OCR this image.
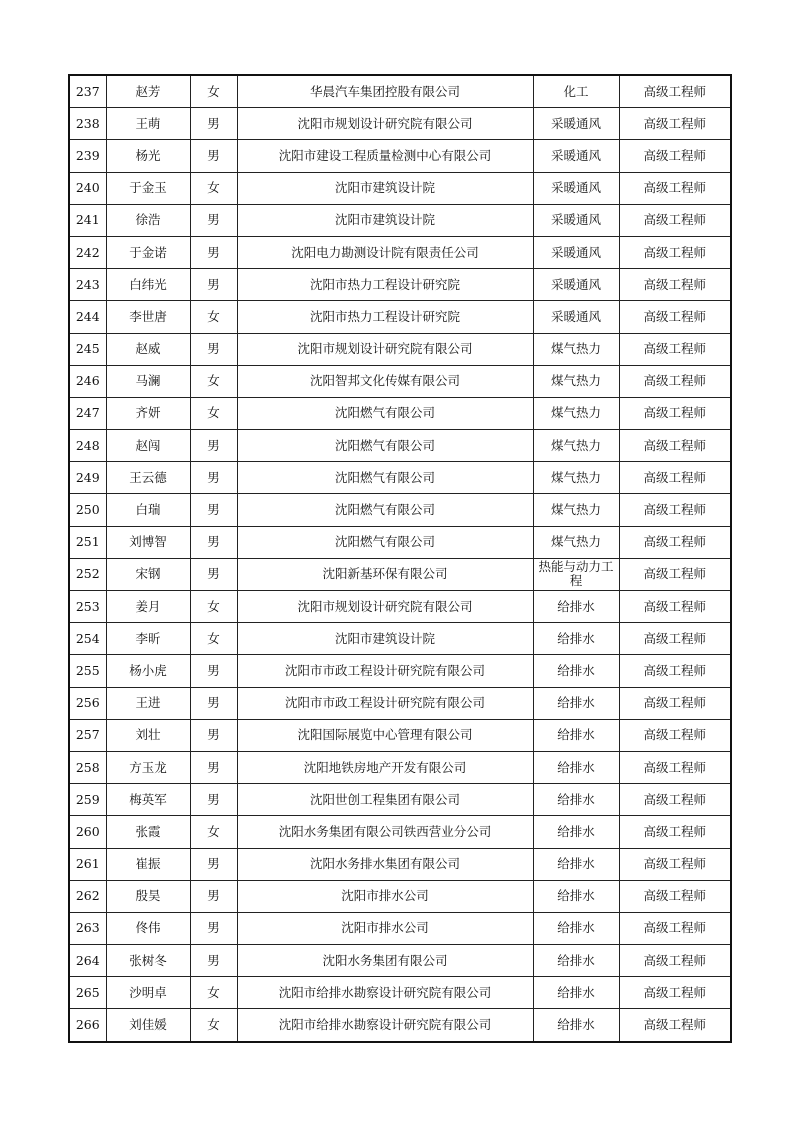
237	赵芳	女	华晨汽车集团控股有限公司	化工	高级工程师
238	王萌	男	沈阳市规划设计研究院有限公司	采暖通风	高级工程师
239	杨光	男	沈阳市建设工程质量检测中心有限公司	采暖通风	高级工程师
240	于金玉	女	沈阳市建筑设计院	采暖通风	高级工程师
241	徐浩	男	沈阳市建筑设计院	采暖通风	高级工程师
242	于金诺	男	沈阳电力勘测设计院有限责任公司	采暖通风	高级工程师
243	白纬光	男	沈阳市热力工程设计研究院	采暖通风	高级工程师
244	李世唐	女	沈阳市热力工程设计研究院	采暖通风	高级工程师
245	赵威	男	沈阳市规划设计研究院有限公司	煤气热力	高级工程师
246	马澜	女	沈阳智邦文化传媒有限公司	煤气热力	高级工程师
247	齐妍	女	沈阳燃气有限公司	煤气热力	高级工程师
248	赵闯	男	沈阳燃气有限公司	煤气热力	高级工程师
249	王云德	男	沈阳燃气有限公司	煤气热力	高级工程师
250	白瑞	男	沈阳燃气有限公司	煤气热力	高级工程师
251	刘博智	男	沈阳燃气有限公司	煤气热力	高级工程师
252	宋钢	男	沈阳新基环保有限公司	热能与动力工程	高级工程师
253	姜月	女	沈阳市规划设计研究院有限公司	给排水	高级工程师
254	李昕	女	沈阳市建筑设计院	给排水	高级工程师
255	杨小虎	男	沈阳市市政工程设计研究院有限公司	给排水	高级工程师
256	王进	男	沈阳市市政工程设计研究院有限公司	给排水	高级工程师
257	刘壮	男	沈阳国际展览中心管理有限公司	给排水	高级工程师
258	方玉龙	男	沈阳地铁房地产开发有限公司	给排水	高级工程师
259	梅英军	男	沈阳世创工程集团有限公司	给排水	高级工程师
260	张霞	女	沈阳水务集团有限公司铁西营业分公司	给排水	高级工程师
261	崔振	男	沈阳水务排水集团有限公司	给排水	高级工程师
262	殷昊	男	沈阳市排水公司	给排水	高级工程师
263	佟伟	男	沈阳市排水公司	给排水	高级工程师
264	张树冬	男	沈阳水务集团有限公司	给排水	高级工程师
265	沙明卓	女	沈阳市给排水勘察设计研究院有限公司	给排水	高级工程师
266	刘佳媛	女	沈阳市给排水勘察设计研究院有限公司	给排水	高级工程师
